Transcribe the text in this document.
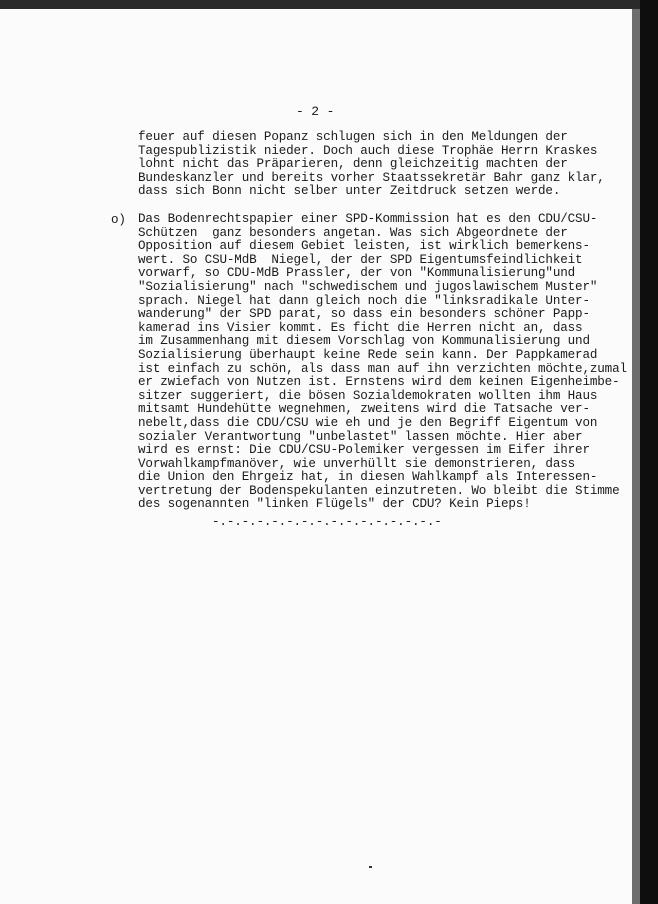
- 2 -
feuer auf diesen Popanz schlugen sich in den Meldungen der
Tagespublizistik nieder. Doch auch diese Trophäe Herrn Kraskes
lohnt nicht das Präparieren, denn gleichzeitig machten der
Bundeskanzler und bereits vorher Staatssekretär Bahr ganz klar,
dass sich Bonn nicht selber unter Zeitdruck setzen werde.
o) Das Bodenrechtspapier einer SPD-Kommission hat es den CDU/CSU-
Schützen  ganz besonders angetan. Was sich Abgeordnete der
Opposition auf diesem Gebiet leisten, ist wirklich bemerkens-
wert. So CSU-MdB  Niegel, der der SPD Eigentumsfeindlichkeit
vorwarf, so CDU-MdB Prassler, der von "Kommunalisierung"und
"Sozialisierung" nach "schwedischem und jugoslawischem Muster"
sprach. Niegel hat dann gleich noch die "linksradikale Unter-
wanderung" der SPD parat, so dass ein besonders schöner Papp-
kamerad ins Visier kommt. Es ficht die Herren nicht an, dass
im Zusammenhang mit diesem Vorschlag von Kommunalisierung und
Sozialisierung überhaupt keine Rede sein kann. Der Pappkamerad
ist einfach zu schön, als dass man auf ihn verzichten möchte,zumal
er zwiefach von Nutzen ist. Ernstens wird dem keinen Eigenheimbe-
sitzer suggeriert, die bösen Sozialdemokraten wollten ihm Haus
mitsamt Hundehütte wegnehmen, zweitens wird die Tatsache ver-
nebelt,dass die CDU/CSU wie eh und je den Begriff Eigentum von
sozialer Verantwortung "unbelastet" lassen möchte. Hier aber
wird es ernst: Die CDU/CSU-Polemiker vergessen im Eifer ihrer
Vorwahlkampfmanöver, wie unverhüllt sie demonstrieren, dass
die Union den Ehrgeiz hat, in diesen Wahlkampf als Interessen-
vertretung der Bodenspekulanten einzutreten. Wo bleibt die Stimme
des sogenannten "linken Flügels" der CDU? Kein Pieps!
-.-.-.-.-.-.-.-.-.-.-.-.-.-.-.-
